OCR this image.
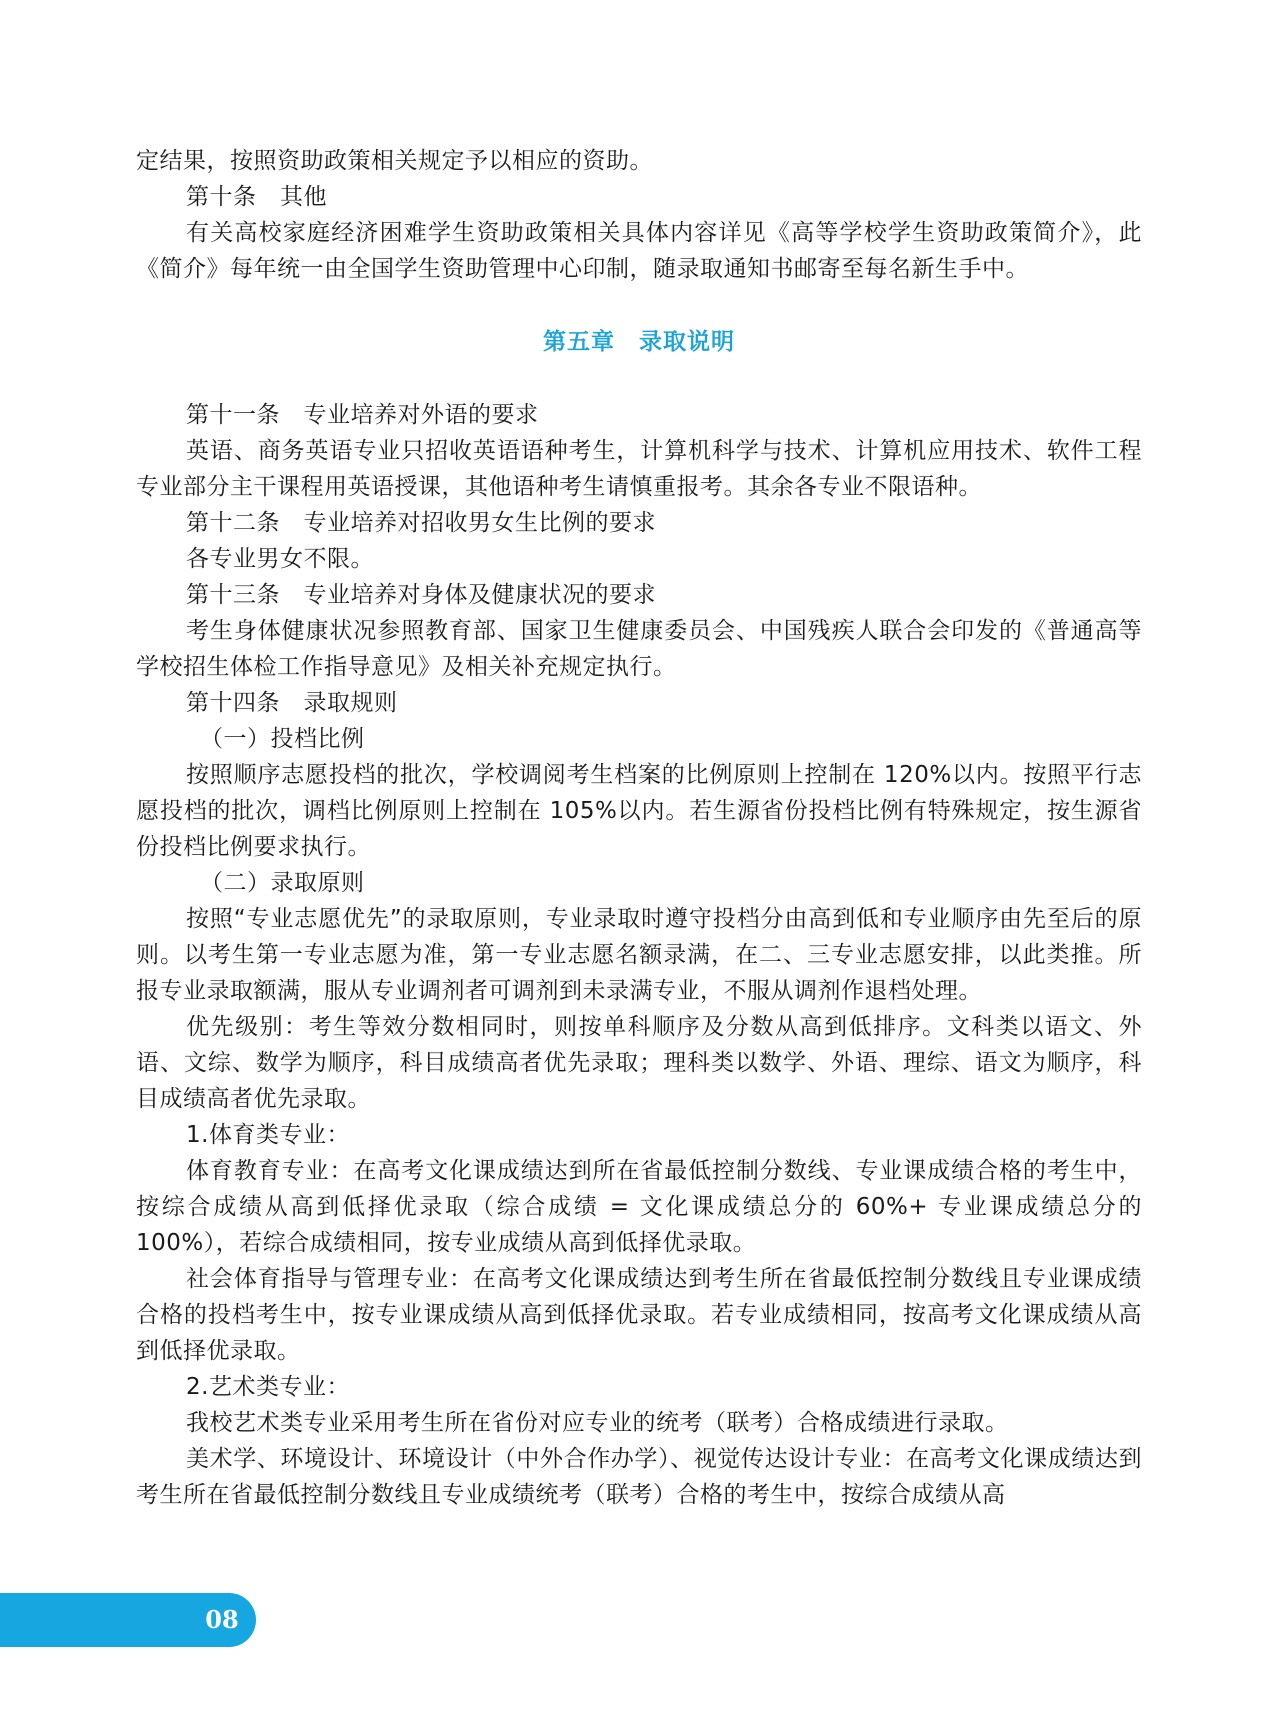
定结果，按照资助政策相关规定予以相应的资助。

第十条　其他

有关高校家庭经济困难学生资助政策相关具体内容详见《高等学校学生资助政策简介》，此《简介》每年统一由全国学生资助管理中心印制，随录取通知书邮寄至每名新生手中。

第五章　录取说明

第十一条　专业培养对外语的要求

英语、商务英语专业只招收英语语种考生，计算机科学与技术、计算机应用技术、软件工程专业部分主干课程用英语授课，其他语种考生请慎重报考。其余各专业不限语种。

第十二条　专业培养对招收男女生比例的要求

各专业男女不限。

第十三条　专业培养对身体及健康状况的要求

考生身体健康状况参照教育部、国家卫生健康委员会、中国残疾人联合会印发的《普通高等学校招生体检工作指导意见》及相关补充规定执行。

第十四条　录取规则

（一）投档比例

按照顺序志愿投档的批次，学校调阅考生档案的比例原则上控制在 120%以内。按照平行志愿投档的批次，调档比例原则上控制在 105%以内。若生源省份投档比例有特殊规定，按生源省份投档比例要求执行。

（二）录取原则

按照“专业志愿优先”的录取原则，专业录取时遵守投档分由高到低和专业顺序由先至后的原则。以考生第一专业志愿为准，第一专业志愿名额录满，在二、三专业志愿安排，以此类推。所报专业录取额满，服从专业调剂者可调剂到未录满专业，不服从调剂作退档处理。

优先级别：考生等效分数相同时，则按单科顺序及分数从高到低排序。文科类以语文、外语、文综、数学为顺序，科目成绩高者优先录取；理科类以数学、外语、理综、语文为顺序，科目成绩高者优先录取。

1.体育类专业：

体育教育专业：在高考文化课成绩达到所在省最低控制分数线、专业课成绩合格的考生中，按综合成绩从高到低择优录取（综合成绩 = 文化课成绩总分的 60%+ 专业课成绩总分的 100%），若综合成绩相同，按专业成绩从高到低择优录取。

社会体育指导与管理专业：在高考文化课成绩达到考生所在省最低控制分数线且专业课成绩合格的投档考生中，按专业课成绩从高到低择优录取。若专业成绩相同，按高考文化课成绩从高到低择优录取。

2.艺术类专业：

我校艺术类专业采用考生所在省份对应专业的统考（联考）合格成绩进行录取。

美术学、环境设计、环境设计（中外合作办学）、视觉传达设计专业：在高考文化课成绩达到考生所在省最低控制分数线且专业成绩统考（联考）合格的考生中，按综合成绩从高

08
